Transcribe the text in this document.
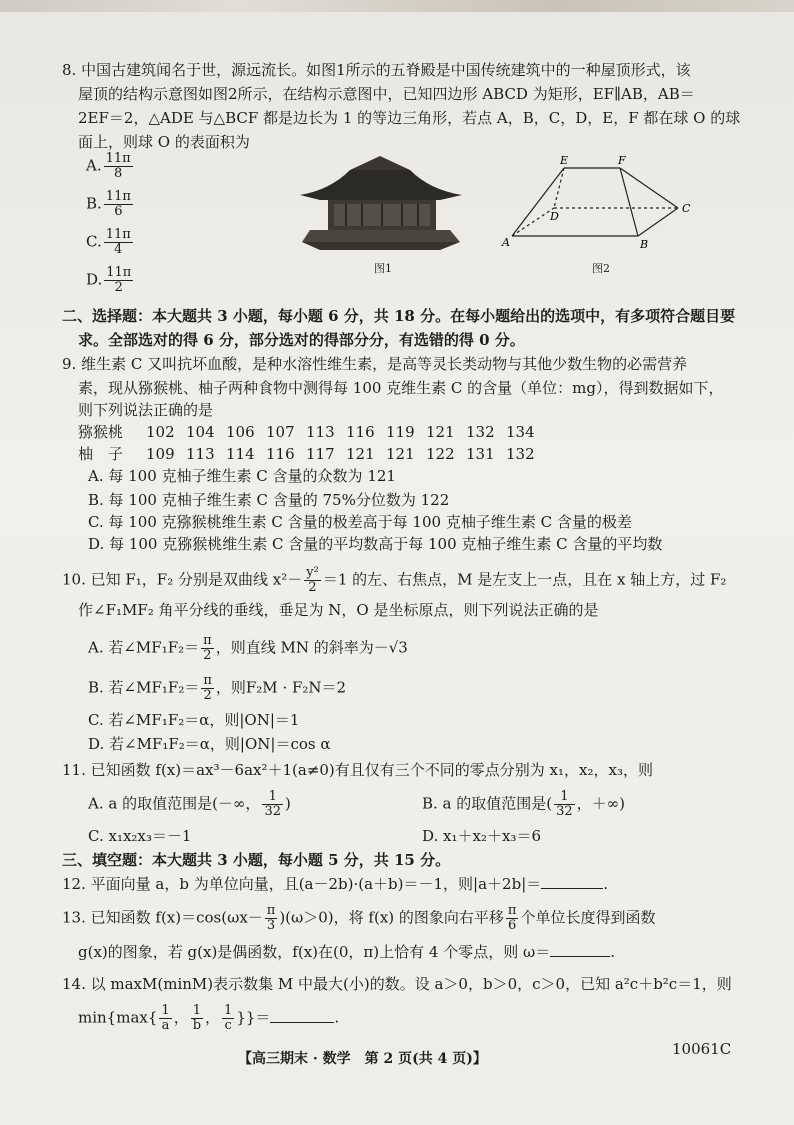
8. 中国古建筑闻名于世，源远流长。如图1所示的五脊殿是中国传统建筑中的一种屋顶形式，该
屋顶的结构示意图如图2所示，在结构示意图中，已知四边形 ABCD 为矩形，EF∥AB，AB＝
2EF＝2，△ADE 与△BCF 都是边长为 1 的等边三角形，若点 A，B，C，D，E，F 都在球 O 的球
面上，则球 O 的表面积为
A. $\frac{11\pi}{8}$
B. $\frac{11\pi}{6}$
C. $\frac{11\pi}{4}$
D. $\frac{11\pi}{2}$	图1
E	F
D
C
A	B
图2
二、选择题：本大题共 3 小题，每小题 6 分，共 18 分。在每小题给出的选项中，有多项符合题目要
求。全部选对的得 6 分，部分选对的得部分分，有选错的得 0 分。
9. 维生素 C 又叫抗坏血酸，是种水溶性维生素，是高等灵长类动物与其他少数生物的必需营养
素，现从猕猴桃、柚子两种食物中测得每 100 克维生素 C 的含量（单位：mg），得到数据如下，
则下列说法正确的是
猕猴桃	102 104 106 107 113 116 119 121 132 134
柚　子	109 113 114 116 117 121 121 122 131 132
A. 每 100 克柚子维生素 C 含量的众数为 121
B. 每 100 克柚子维生素 C 含量的 75%分位数为 122
C. 每 100 克猕猴桃维生素 C 含量的极差高于每 100 克柚子维生素 C 含量的极差
D. 每 100 克猕猴桃维生素 C 含量的平均数高于每 100 克柚子维生素 C 含量的平均数
10. 已知 F₁，F₂ 分别是双曲线 $x^2- \frac{\text{y²}}{2} =1$ 的左、右焦点，M 是左支上一点，且在 x 轴上方，过 F₂
作∠F₁MF₂ 角平分线的垂线，垂足为 N，O 是坐标原点，则下列说法正确的是
A. 若∠MF₁F₂＝ $\frac{\pi}{2}$ ，则直线 MN 的斜率为－√3
B. 若∠MF₁F₂＝ $\frac{\pi}{2}$ ，则F₂M · F₂N＝2
C. 若∠MF₁F₂＝α，则|ON|＝1
D. 若∠MF₁F₂＝α，则|ON|＝cos α
11. 已知函数 f(x)＝ax³－6ax²＋1(a≠0)有且仅有三个不同的零点分别为 x₁，x₂，x₃，则
A. a 的取值范围是(－∞， $\frac{1}{32}$ )	B. a 的取值范围是( $\frac{1}{32}$ ，＋∞)
C. x₁x₂x₃＝－1	D. x₁＋x₂＋x₃＝6
三、填空题：本大题共 3 小题，每小题 5 分，共 15 分。
12. 平面向量 a，b 为单位向量，且(a－2b)·(a＋b)＝－1，则|a＋2b|＝	.
13. 已知函数 $f(x)=\cos(\omega x- \frac{\pi}{3} )(\omega>0)$，将 f(x) 的图象向右平移 $\frac{\pi}{6}$ 个单位长度得到函数
g(x)的图象，若 g(x)是偶函数，f(x)在(0，π)上恰有 4 个零点，则 ω＝	.
14. 以 maxM(minM)表示数集 M 中最大(小)的数。设 a＞0，b＞0，c＞0，已知 a²c＋b²c＝1，则
$\min\{\max\{ \frac{1}{a}$ ， $\frac{1}{b}$ ， $\frac{1}{c}$ }}＝	.
【高三期末 · 数学　第 2 页(共 4 页)】
10061C
